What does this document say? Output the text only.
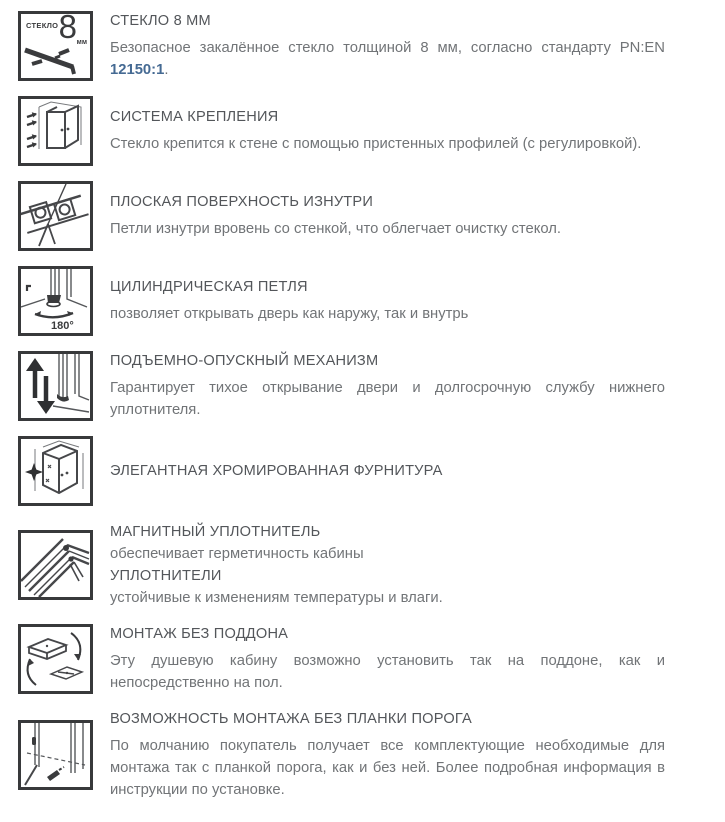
СТЕКЛО 8 мм
СТЕКЛО 8 ММ

Безопасное закалённое стекло толщиной 8 мм, согласно стандарту PN:EN 12150:1.

СИСТЕМА КРЕПЛЕНИЯ

Стекло крепится к стене с помощью пристенных профилей (с регулировкой).

ПЛОСКАЯ ПОВЕРХНОСТЬ ИЗНУТРИ

Петли изнутри вровень со стенкой, что облегчает очистку стекол.

180°
ЦИЛИНДРИЧЕСКАЯ ПЕТЛЯ

позволяет открывать дверь как наружу, так и внутрь

ПОДЪЕМНО-ОПУСКНЫЙ МЕХАНИЗМ

Гарантирует тихое открывание двери и долгосрочную службу нижнего уплотнителя.

ЭЛЕГАНТНАЯ ХРОМИРОВАННАЯ ФУРНИТУРА
МАГНИТНЫЙ УПЛОТНИТЕЛЬ

обеспечивает герметичность кабины

УПЛОТНИТЕЛИ

устойчивые к изменениям температуры и влаги.

МОНТАЖ БЕЗ ПОДДОНА

Эту душевую кабину возможно установить так на поддоне, как и непосредственно на пол.

ВОЗМОЖНОСТЬ МОНТАЖА БЕЗ ПЛАНКИ ПОРОГА

По молчанию покупатель получает все комплектующие необходимые для монтажа так с планкой порога, как и без ней. Более подробная информация в инструкции по установке.
